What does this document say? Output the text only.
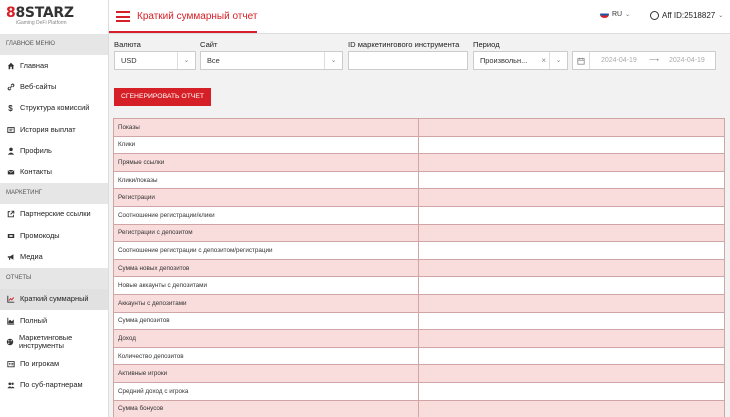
88STARZ
iGaming DeFi Platform
ГЛАВНОЕ МЕНЮ
Главная
Веб-сайты
$ Структура комиссий
История выплат
Профиль
Контакты
МАРКЕТИНГ
Партнерские ссылки
Промокоды
Медиа
ОТЧЕТЫ
Краткий суммарный
Полный
Маркетинговые инструменты
По игрокам
По суб-партнерам
Краткий суммарный отчет	RU ⌄	Aff ID:2518827 ⌄
Валюта
USD	⌄
Сайт
Все	⌄
ID маркетингового инструмента Период
Произвольн... ×	⌄	2024-04-19 ⟶ 2024-04-19
СГЕНЕРИРОВАТЬ ОТЧЕТ
Показы	
Клики	
Прямые ссылки	
Клики/показы	
Регистрации	
Соотношение регистрации/клики	
Регистрации с депозитом	
Соотношение регистрации с депозитом/регистрации	
Сумма новых депозитов	
Новые аккаунты с депозитами	
Аккаунты с депозитами	
Сумма депозитов	
Доход	
Количество депозитов	
Активные игроки	
Средний доход с игрока	
Сумма бонусов	
